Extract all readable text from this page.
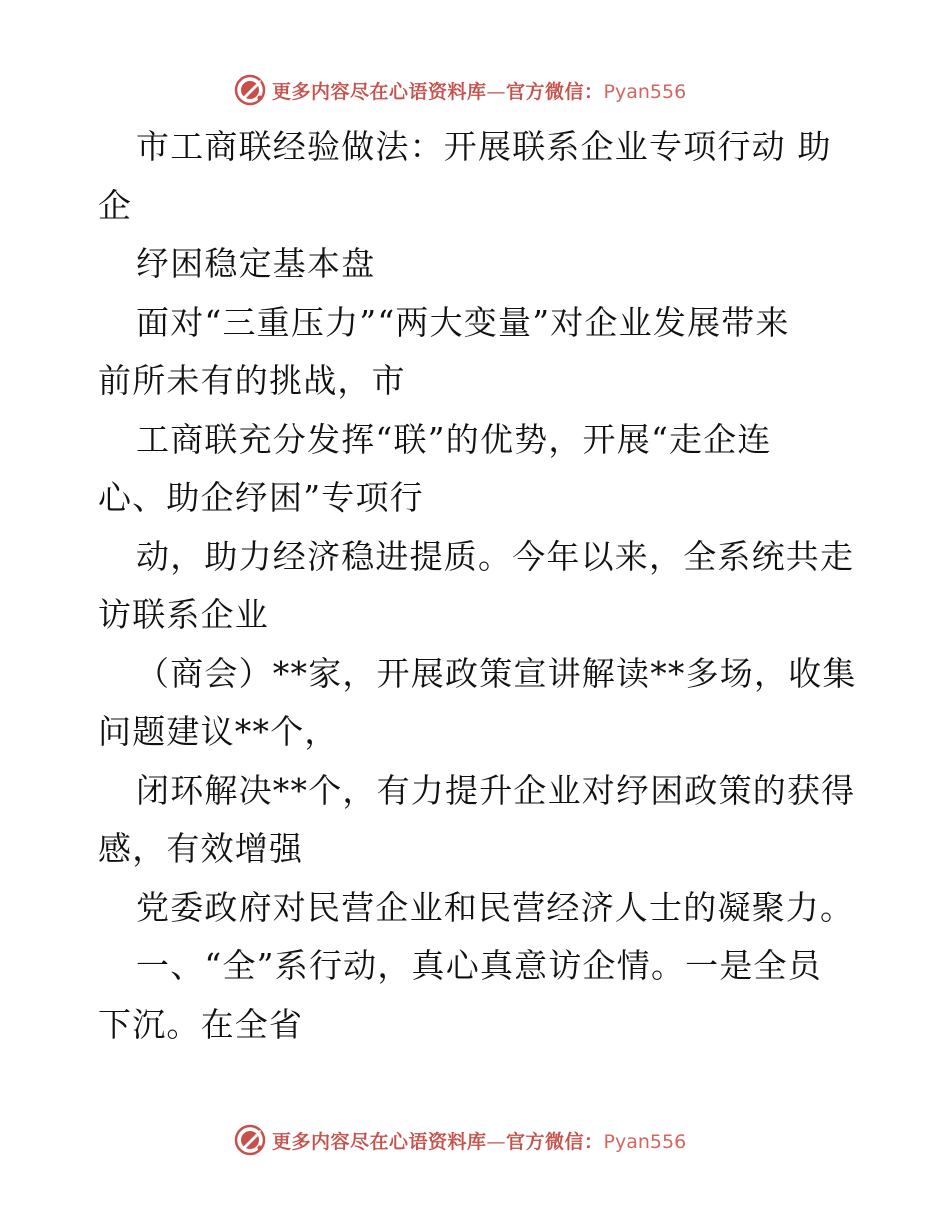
更多内容尽在心语资料库—官方微信：Pyan556

市工商联经验做法：开展联系企业专项行动 助

企

纾困稳定基本盘

面对“三重压力”“两大变量”对企业发展带来

前所未有的挑战，市

工商联充分发挥“联”的优势，开展“走企连

心、助企纾困”专项行

动，助力经济稳进提质。今年以来，全系统共走

访联系企业

（商会）**家，开展政策宣讲解读**多场，收集

问题建议**个，

闭环解决**个，有力提升企业对纾困政策的获得

感，有效增强

党委政府对民营企业和民营经济人士的凝聚力。

一、“全”系行动，真心真意访企情。一是全员

下沉。在全省

更多内容尽在心语资料库—官方微信：Pyan556
